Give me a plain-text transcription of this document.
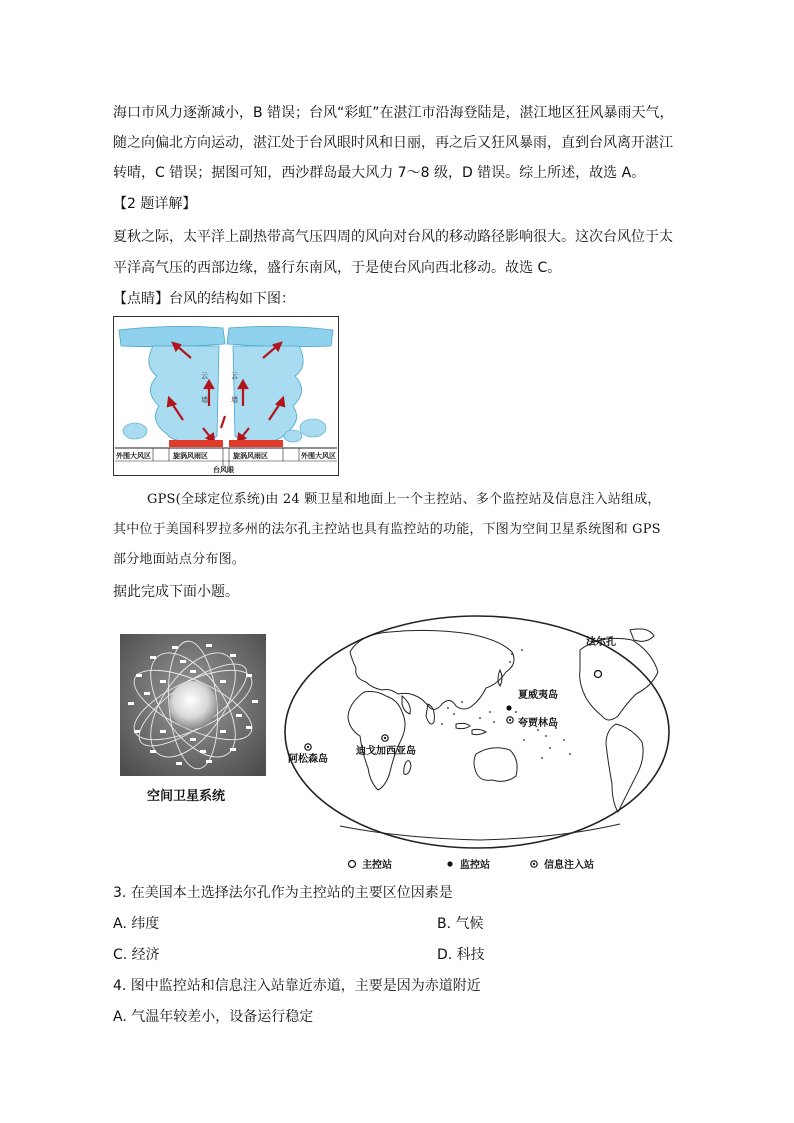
海口市风力逐渐减小，B 错误；台风“彩虹”在湛江市沿海登陆是，湛江地区狂风暴雨天气，
随之向偏北方向运动，湛江处于台风眼时风和日丽，再之后又狂风暴雨，直到台风离开湛江
转晴，C 错误；据图可知，西沙群岛最大风力 7～8 级，D 错误。综上所述，故选 A。
【2 题详解】
夏秋之际，太平洋上副热带高气压四周的风向对台风的移动路径影响很大。这次台风位于太
平洋高气压的西部边缘，盛行东南风，于是使台风向西北移动。故选 C。
【点睛】台风的结构如下图：
云
墙
云
墙
外围大风区	旋涡风雨区	旋涡风雨区	外围大风区
台风眼
GPS(全球定位系统)由 24 颗卫星和地面上一个主控站、多个监控站及信息注入站组成，
其中位于美国科罗拉多州的法尔孔主控站也具有监控站的功能，下图为空间卫星系统图和 GPS
部分地面站点分布图。
据此完成下面小题。
空间卫星系统
法尔孔
夏威夷岛
夸贾林岛
阿松森岛
迪戈加西亚岛
主控站	监控站	信息注入站
3. 在美国本土选择法尔孔作为主控站的主要区位因素是
A. 纬度	B. 气候
C. 经济	D. 科技
4. 图中监控站和信息注入站靠近赤道，主要是因为赤道附近
A. 气温年较差小，设备运行稳定
